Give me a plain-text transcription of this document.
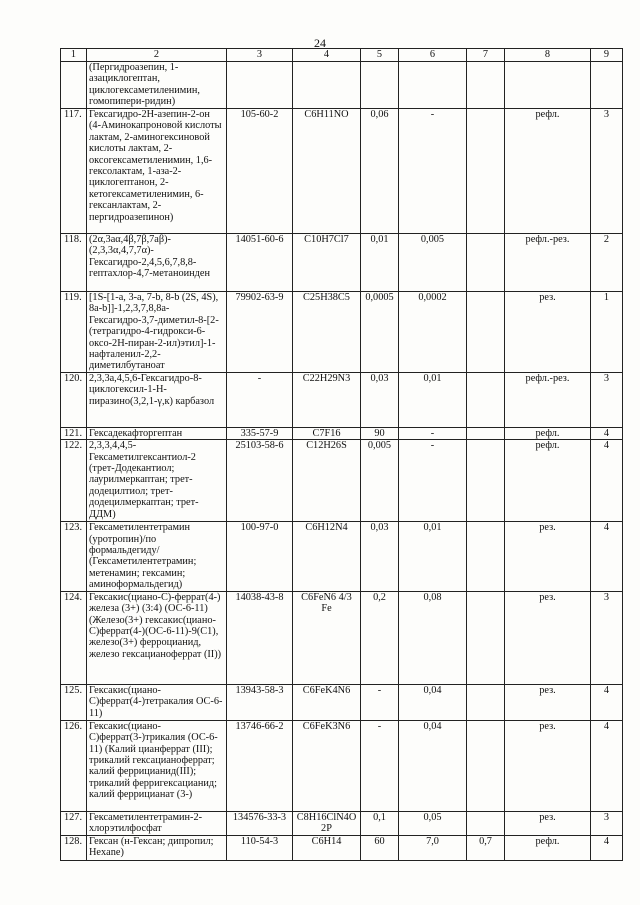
24
1	2	3	4	5	6	7	8	9
	(Пергидроазепин, 1-азациклогептан, циклогексаметиленимин, гомопипери-ридин)							
117.	Гексагидро-2Н-азепин-2-он (4-Аминокапроновой кислоты лактам, 2-аминогексиновой кислоты лактам, 2-оксогексаметиленимин, 1,6-гексолактам, 1-аза-2-циклогептанон, 2-кетогексаметиленимин, 6-гексанлактам, 2-пергидроазепинон)	105-60-2	C6H11NO	0,06	-		рефл.	3
118.	(2α,3aα,4β,7β,7aβ)-(2,3,3α,4,7,7α)-Гексагидро-2,4,5,6,7,8,8-гептахлор-4,7-метаноинден	14051-60-6	C10H7Cl7	0,01	0,005		рефл.-рез.	2
119.	[1S-[1-а, 3-а, 7-b, 8-b (2S, 4S), 8а-b]]-1,2,3,7,8,8а-Гексагидро-3,7-диметил-8-[2-(тетрагидро-4-гидрокси-6-оксо-2Н-пиран-2-ил)этил]-1-нафталенил-2,2-диметилбутаноат	79902-63-9	C25H38C5	0,0005	0,0002		рез.	1
120.	2,3,3а,4,5,6-Гексагидро-8-циклогексил-1-Н-пиразино(3,2,1-γ,к) карбазол	-	C22H29N3	0,03	0,01		рефл.-рез.	3
121.	Гексадекафторгептан	335-57-9	C7F16	90	-		рефл.	4
122.	2,3,3,4,4,5-Гексаметилгексантиол-2 (трет-Додекантиол; лаурилмеркаптан; трет-додецилтиол; трет-додецилмеркаптан; трет-ДДМ)	25103-58-6	C12H26S	0,005	-		рефл.	4
123.	Гексаметилентетрамин (уротропин)/по формальдегиду/ (Гексаметилентетрамин; метенамин; гексамин; аминоформальдегид)	100-97-0	C6H12N4	0,03	0,01		рез.	4
124.	Гексакис(циано-С)-феррат(4-) железа (3+) (3:4) (ОС-6-11) (Железо(3+) гексакис(циано-С)феррат(4-)(ОС-6-11)-9(С1), железо(3+) ферроцианид, железо гексацианоферрат (II))	14038-43-8	C6FeN6 4/3 Fe	0,2	0,08		рез.	3
125.	Гексакис(циано-С)феррат(4-)тетракалия ОС-6-11)	13943-58-3	C6FeK4N6	-	0,04		рез.	4
126.	Гексакис(циано-С)феррат(3-)трикалия (ОС-6-11) (Калий цианферрат (III); трикалий гексацианоферрат; калий феррицианид(III); трикалий ферригексацианид; калий феррицианат (3-)	13746-66-2	C6FeK3N6	-	0,04		рез.	4
127.	Гексаметилентетрамин-2-хлорэтилфосфат	134576-33-3	C8H16ClN4O2P	0,1	0,05		рез.	3
128.	Гексан (н-Гексан; дипропил; Hexane)	110-54-3	C6H14	60	7,0	0,7	рефл.	4
